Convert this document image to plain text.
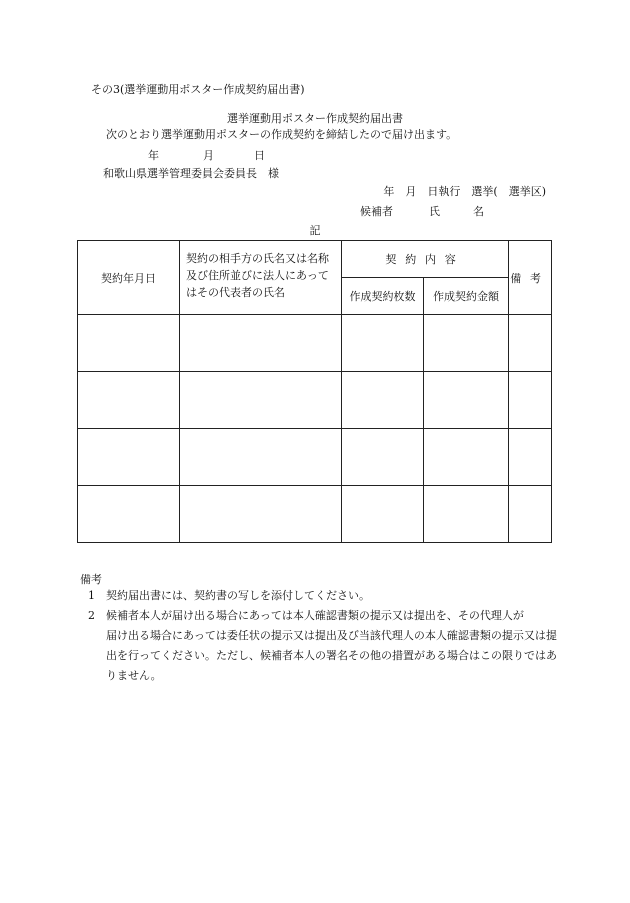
その3(選挙運動用ポスター作成契約届出書)
選挙運動用ポスター作成契約届出書
次のとおり選挙運動用ポスターの作成契約を締結したので届け出ます。
年	月	日
和歌山県選挙管理委員会委員長　様
年　月　日執行　選挙(　選挙区)
候補者	氏　　　名
記
契約年月日	契約の相手方の氏名又は名称及び住所並びに法人にあってはその代表者の氏名	契約内容		備考
		作成契約枚数	作成契約金額	

備考
1 契約届出書には、契約書の写しを添付してください。
2 候補者本人が届け出る場合にあっては本人確認書類の提示又は提出を、その代理人が
届け出る場合にあっては委任状の提示又は提出及び当該代理人の本人確認書類の提示又は提出を行ってください。ただし、候補者本人の署名その他の措置がある場合はこの限りではありません。
